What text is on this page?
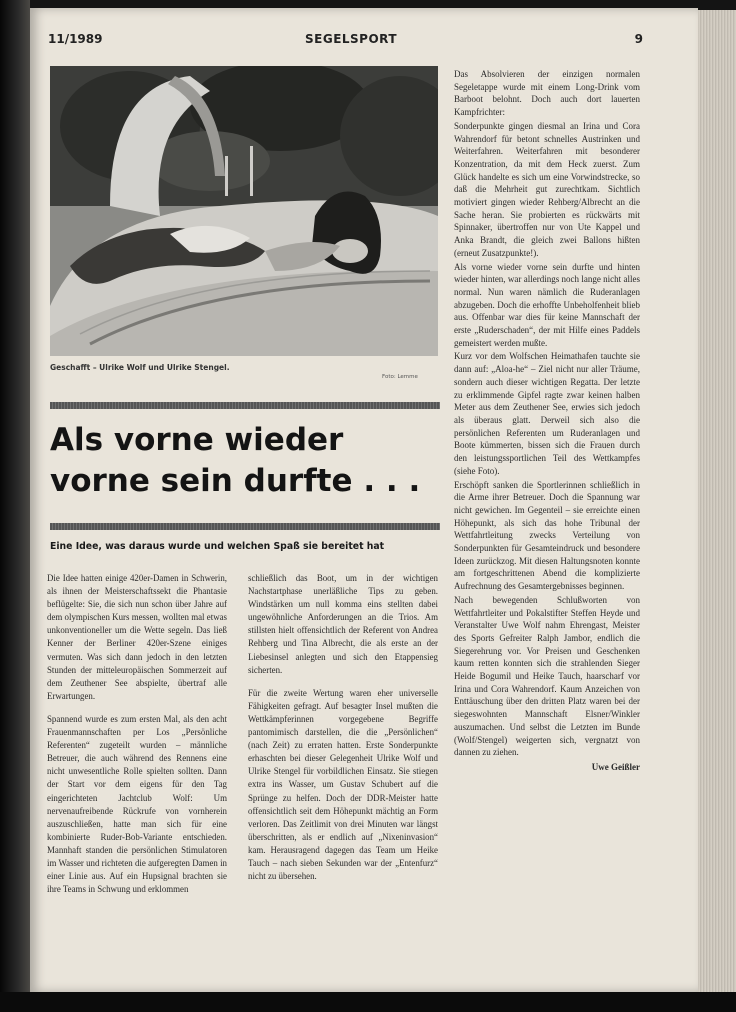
11/1989	SEGELSPORT	9
Geschafft – Ulrike Wolf und Ulrike Stengel.
Foto: Lemme
Als vorne wieder
vorne sein durfte . . .
Eine Idee, was daraus wurde und welchen Spaß sie bereitet hat

Die Idee hatten einige 420er-Damen in Schwerin, als ihnen der Meisterschaftssekt die Phantasie beflügelte: Sie, die sich nun schon über Jahre auf dem olympischen Kurs messen, wollten mal etwas unkonventioneller um die Wette segeln. Das ließ Kenner der Berliner 420er-Szene einiges vermuten. Was sich dann jedoch in den letzten Stunden der mitteleuropäischen Sommerzeit auf dem Zeuthener See abspielte, übertraf alle Erwartungen.

Spannend wurde es zum ersten Mal, als den acht Frauenmannschaften per Los „Persönliche Referenten“ zugeteilt wurden – männliche Betreuer, die auch während des Rennens eine nicht unwesentliche Rolle spielten sollten. Dann der Start vor dem eigens für den Tag eingerichteten Jachtclub Wolf: Um nervenaufreibende Rückrufe von vornherein auszuschließen, hatte man sich für eine kombinierte Ruder-Bob-Variante entschieden. Mannhaft standen die persönlichen Stimulatoren im Wasser und richteten die aufgeregten Damen in einer Linie aus. Auf ein Hupsignal brachten sie ihre Teams in Schwung und erklommen

schließlich das Boot, um in der wichtigen Nachstartphase unerläßliche Tips zu geben. Windstärken um null komma eins stellten dabei ungewöhnliche Anforderungen an die Trios. Am stillsten hielt offensichtlich der Referent von Andrea Rehberg und Tina Albrecht, die als erste an der Liebesinsel anlegten und sich den Etappensieg sicherten.

Für die zweite Wertung waren eher universelle Fähigkeiten gefragt. Auf besagter Insel mußten die Wettkämpferinnen vorgegebene Begriffe pantomimisch darstellen, die die „Persönlichen“ (nach Zeit) zu erraten hatten. Erste Sonderpunkte erhaschten bei dieser Gelegenheit Ulrike Wolf und Ulrike Stengel für vorbildlichen Einsatz. Sie stiegen extra ins Wasser, um Gustav Schubert auf die Sprünge zu helfen. Doch der DDR-Meister hatte offensichtlich seit dem Höhepunkt mächtig an Form verloren. Das Zeitlimit von drei Minuten war längst überschritten, als er endlich auf „Nixeninvasion“ kam. Herausragend dagegen das Team um Heike Tauch – nach sieben Sekunden war der „Entenfurz“ nicht zu übersehen.

Das Absolvieren der einzigen normalen Segeletappe wurde mit einem Long-Drink vom Barboot belohnt. Doch auch dort lauerten Kampfrichter:

Sonderpunkte gingen diesmal an Irina und Cora Wahrendorf für betont schnelles Austrinken und Weiterfahren. Weiterfahren mit besonderer Konzentration, da mit dem Heck zuerst. Zum Glück handelte es sich um eine Vorwindstrecke, so daß die Mehrheit gut zurechtkam. Sichtlich motiviert gingen wieder Rehberg/Albrecht an die Sache heran. Sie probierten es rückwärts mit Spinnaker, übertroffen nur von Ute Kappel und Anka Brandt, die gleich zwei Ballons hißten (erneut Zusatzpunkte!).

Als vorne wieder vorne sein durfte und hinten wieder hinten, war allerdings noch lange nicht alles normal. Nun waren nämlich die Ruderanlagen abzugeben. Doch die erhoffte Unbeholfenheit blieb aus. Offenbar war dies für keine Mannschaft der erste „Ruderschaden“, der mit Hilfe eines Paddels gemeistert werden mußte.

Kurz vor dem Wolfschen Heimathafen tauchte sie dann auf: „Aloa-he“ – Ziel nicht nur aller Träume, sondern auch dieser wichtigen Regatta. Der letzte zu erklimmende Gipfel ragte zwar keinen halben Meter aus dem Zeuthener See, erwies sich jedoch als überaus glatt. Derweil sich also die persönlichen Referenten um Ruderanlagen und Boote kümmerten, bissen sich die Frauen durch den leistungssportlichen Teil des Wettkampfes (siehe Foto).

Erschöpft sanken die Sportlerinnen schließlich in die Arme ihrer Betreuer. Doch die Spannung war nicht gewichen. Im Gegenteil – sie erreichte einen Höhepunkt, als sich das hohe Tribunal der Wettfahrtleitung zwecks Verteilung von Sonderpunkten für Gesamteindruck und besondere Ideen zurückzog. Mit diesen Haltungsnoten konnte am fortgeschrittenen Abend die komplizierte Aufrechnung des Gesamtergebnisses beginnen.

Nach bewegenden Schlußworten von Wettfahrtleiter und Pokalstifter Steffen Heyde und Veranstalter Uwe Wolf nahm Ehrengast, Meister des Sports Gefreiter Ralph Jambor, endlich die Siegerehrung vor. Vor Preisen und Geschenken kaum retten konnten sich die strahlenden Sieger Heide Bogumil und Heike Tauch, haarscharf vor Irina und Cora Wahrendorf. Kaum Anzeichen von Enttäuschung über den dritten Platz waren bei der siegeswohnten Mannschaft Elsner/Winkler auszumachen. Und selbst die Letzten im Bunde (Wolf/Stengel) weigerten sich, vergnatzt von dannen zu ziehen.

Uwe Geißler
